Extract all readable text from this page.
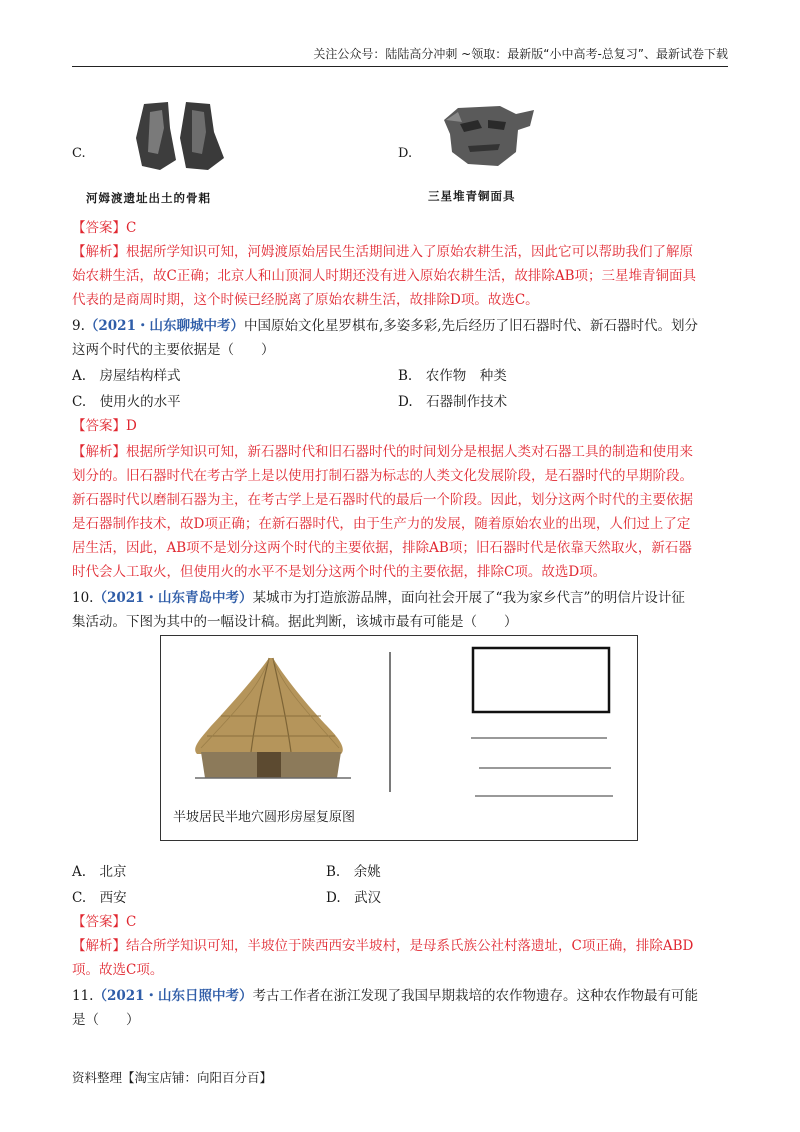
关注公众号：陆陆高分冲刺 ~领取：最新版“小中高考-总复习”、最新试卷下载
C.
河姆渡遗址出土的骨耜
D.
三星堆青铜面具
【答案】C
【解析】根据所学知识可知，河姆渡原始居民生活期间进入了原始农耕生活，因此它可以帮助我们了解原
始农耕生活，故C正确；北京人和山顶洞人时期还没有进入原始农耕生活，故排除AB项；三星堆青铜面具
代表的是商周时期，这个时候已经脱离了原始农耕生活，故排除D项。故选C。
9.（2021・山东聊城中考）中国原始文化星罗棋布,多姿多彩,先后经历了旧石器时代、新石器时代。划分
这两个时代的主要依据是（　　）
A.　房屋结构样式	B.　农作物　种类
C.　使用火的水平	D.　石器制作技术
【答案】D
【解析】根据所学知识可知，新石器时代和旧石器时代的时间划分是根据人类对石器工具的制造和使用来
划分的。旧石器时代在考古学上是以使用打制石器为标志的人类文化发展阶段，是石器时代的早期阶段。
新石器时代以磨制石器为主，在考古学上是石器时代的最后一个阶段。因此，划分这两个时代的主要依据
是石器制作技术，故D项正确；在新石器时代，由于生产力的发展，随着原始农业的出现，人们过上了定
居生活，因此，AB项不是划分这两个时代的主要依据，排除AB项；旧石器时代是依靠天然取火，新石器
时代会人工取火，但使用火的水平不是划分这两个时代的主要依据，排除C项。故选D项。
10.（2021・山东青岛中考）某城市为打造旅游品牌，面向社会开展了“我为家乡代言”的明信片设计征
集活动。下图为其中的一幅设计稿。据此判断，该城市最有可能是（　　）
半坡居民半地穴圆形房屋复原图
A.　北京	B.　余姚
C.　西安	D.　武汉
【答案】C
【解析】结合所学知识可知，半坡位于陕西西安半坡村，是母系氏族公社村落遗址，C项正确，排除ABD
项。故选C项。
11.（2021・山东日照中考）考古工作者在浙江发现了我国早期栽培的农作物遗存。这种农作物最有可能
是（　　）
资料整理【淘宝店铺：向阳百分百】
